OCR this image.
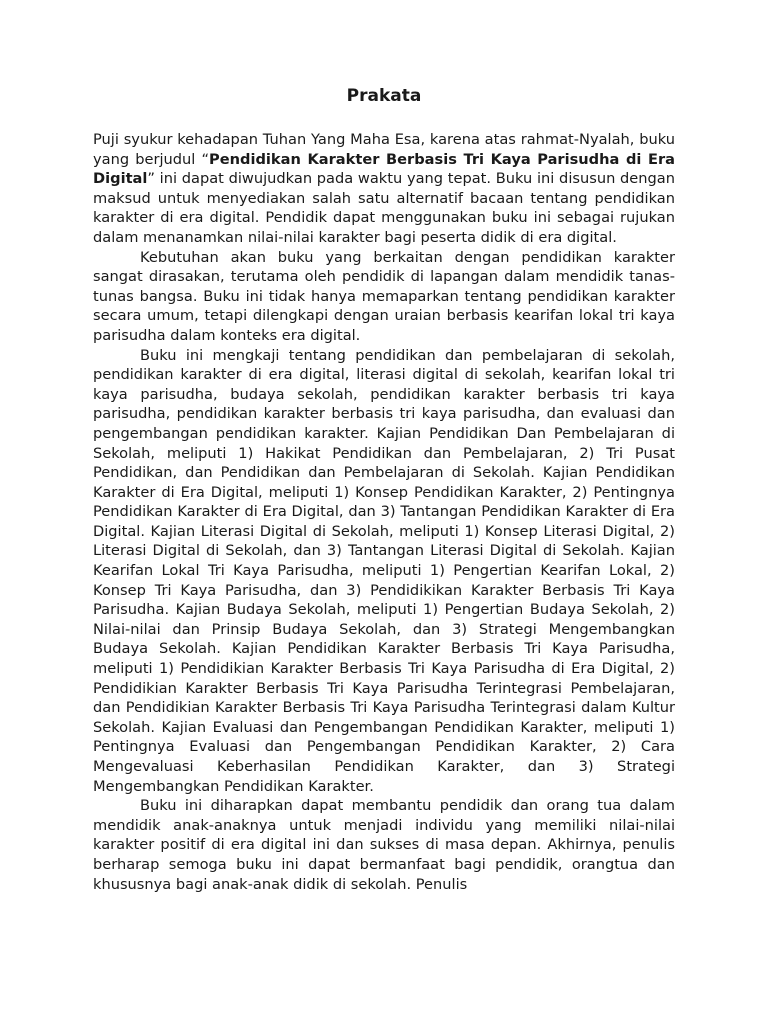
Prakata

Puji syukur kehadapan Tuhan Yang Maha Esa, karena atas rahmat-Nyalah, buku yang berjudul “Pendidikan Karakter Berbasis Tri Kaya Parisudha di Era Digital” ini dapat diwujudkan pada waktu yang tepat. Buku ini disusun dengan maksud untuk menyediakan salah satu alternatif bacaan tentang pendidikan karakter di era digital. Pendidik dapat menggunakan buku ini sebagai rujukan dalam menanamkan nilai-nilai karakter bagi peserta didik di era digital.

Kebutuhan akan buku yang berkaitan dengan pendidikan karakter sangat dirasakan, terutama oleh pendidik di lapangan dalam mendidik tanas-tunas bangsa. Buku ini tidak hanya memaparkan tentang pendidikan karakter secara umum, tetapi dilengkapi dengan uraian berbasis kearifan lokal tri kaya parisudha dalam konteks era digital.

Buku ini mengkaji tentang pendidikan dan pembelajaran di sekolah, pendidikan karakter di era digital, literasi digital di sekolah, kearifan lokal tri kaya parisudha, budaya sekolah, pendidikan karakter berbasis tri kaya parisudha, pendidikan karakter berbasis tri kaya parisudha, dan evaluasi dan pengembangan pendidikan karakter. Kajian Pendidikan Dan Pembelajaran di Sekolah, meliputi 1) Hakikat Pendidikan dan Pembelajaran, 2) Tri Pusat Pendidikan, dan Pendidikan dan Pembelajaran di Sekolah. Kajian Pendidikan Karakter di Era Digital, meliputi 1) Konsep Pendidikan Karakter, 2) Pentingnya Pendidikan Karakter di Era Digital, dan 3) Tantangan Pendidikan Karakter di Era Digital. Kajian Literasi Digital di Sekolah, meliputi 1) Konsep Literasi Digital, 2) Literasi Digital di Sekolah, dan 3) Tantangan Literasi Digital di Sekolah. Kajian Kearifan Lokal Tri Kaya Parisudha, meliputi 1) Pengertian Kearifan Lokal, 2) Konsep Tri Kaya Parisudha, dan 3) Pendidikikan Karakter Berbasis Tri Kaya Parisudha. Kajian Budaya Sekolah, meliputi 1) Pengertian Budaya Sekolah, 2) Nilai-nilai dan Prinsip Budaya Sekolah, dan 3) Strategi Mengembangkan Budaya Sekolah. Kajian Pendidikan Karakter Berbasis Tri Kaya Parisudha, meliputi 1) Pendidikian Karakter Berbasis Tri Kaya Parisudha di Era Digital, 2) Pendidikian Karakter Berbasis Tri Kaya Parisudha Terintegrasi Pembelajaran, dan Pendidikian Karakter Berbasis Tri Kaya Parisudha Terintegrasi dalam Kultur Sekolah. Kajian Evaluasi dan Pengembangan Pendidikan Karakter, meliputi 1) Pentingnya Evaluasi dan Pengembangan Pendidikan Karakter, 2) Cara Mengevaluasi Keberhasilan Pendidikan Karakter, dan 3) Strategi Mengembangkan Pendidikan Karakter.

Buku ini diharapkan dapat membantu pendidik dan orang tua dalam mendidik anak-anaknya untuk menjadi individu yang memiliki nilai-nilai karakter positif di era digital ini dan sukses di masa depan. Akhirnya, penulis berharap semoga buku ini dapat bermanfaat bagi pendidik, orangtua dan khususnya bagi anak-anak didik di sekolah. Penulis
